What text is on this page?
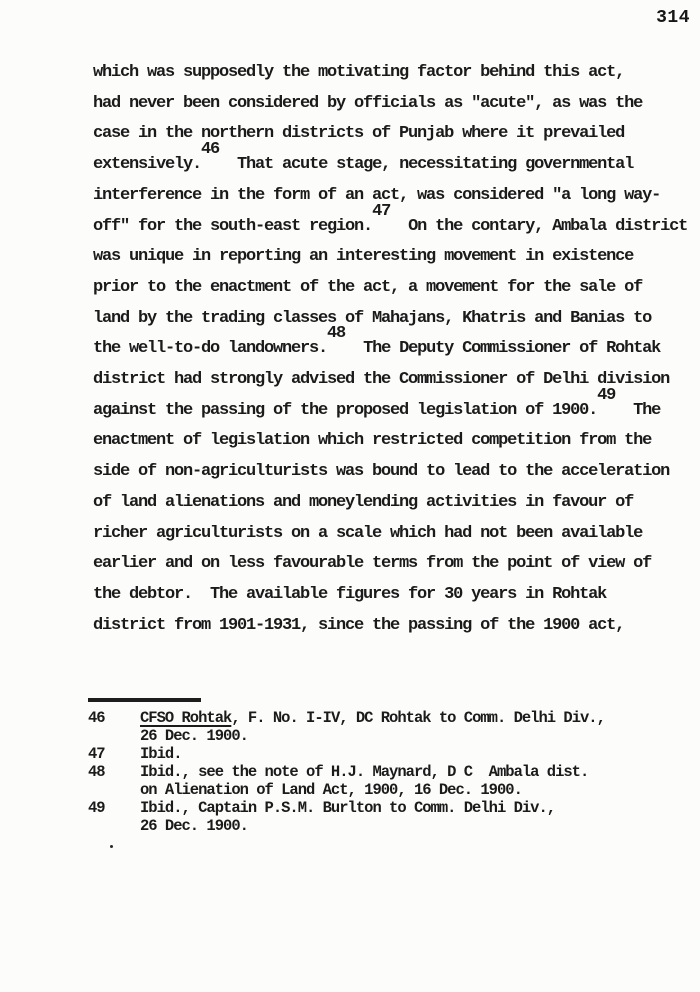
314
which was supposedly the motivating factor behind this act,
had never been considered by officials as "acute", as was the
case in the northern districts of Punjab where it prevailed
extensively.46  That acute stage, necessitating governmental
interference in the form of an act, was considered "a long way-
off" for the south-east region.47  On the contary, Ambala district
was unique in reporting an interesting movement in existence
prior to the enactment of the act, a movement for the sale of
land by the trading classes of Mahajans, Khatris and Banias to
the well-to-do landowners.48  The Deputy Commissioner of Rohtak
district had strongly advised the Commissioner of Delhi division
against the passing of the proposed legislation of 1900.49  The
enactment of legislation which restricted competition from the
side of non-agriculturists was bound to lead to the acceleration
of land alienations and moneylending activities in favour of
richer agriculturists on a scale which had not been available
earlier and on less favourable terms from the point of view of
the debtor.  The available figures for 30 years in Rohtak
district from 1901-1931, since the passing of the 1900 act,
46	CFSO Rohtak, F. No. I-IV, DC Rohtak to Comm. Delhi Div.,
26 Dec. 1900.
47	Ibid.
48	Ibid., see the note of H.J. Maynard, D C  Ambala dist.
on Alienation of Land Act, 1900, 16 Dec. 1900.
49	Ibid., Captain P.S.M. Burlton to Comm. Delhi Div.,
26 Dec. 1900.
